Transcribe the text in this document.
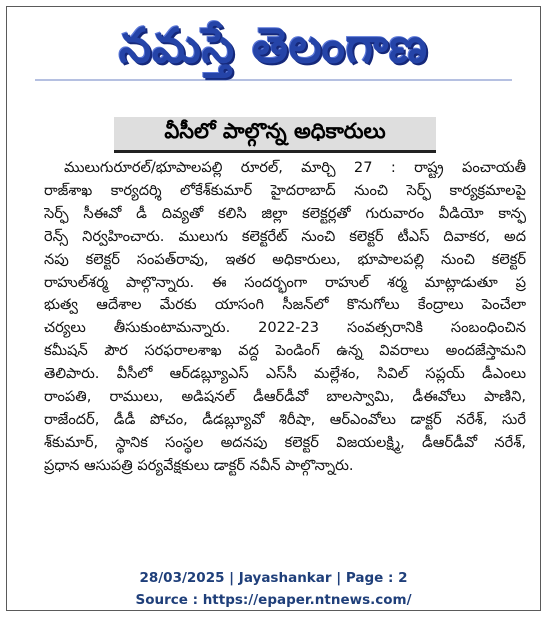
నమస్తే తెలంగాణ
వీసీలో పాల్గొన్న అధికారులు
ములుగురూరల్‌/భూపాలపల్లి రూరల్‌, మార్చి 27 : రాష్ట్ర పంచాయతీ
రాజ్‌శాఖ కార్యదర్శి లోకేశ్‌కుమార్‌ హైదరాబాద్‌ నుంచి సెర్ఫ్‌ కార్యక్రమాలపై
సెర్ఫ్‌ సీఈవో డీ దివ్యతో కలిసి జిల్లా కలెక్టర్లతో గురువారం వీడియో కాన్ఫ
రెన్స్‌ నిర్వహించారు. ములుగు కలెక్టరేట్‌ నుంచి కలెక్టర్‌ టీఎస్‌ దివాకర, అద
నపు కలెక్టర్‌ సంపత్‌రావు, ఇతర అధికారులు, భూపాలపల్లి నుంచి కలెక్టర్‌
రాహుల్‌శర్మ పాల్గొన్నారు. ఈ సందర్భంగా రాహుల్‌ శర్మ మాట్లాడుతూ ప్ర
భుత్వ ఆదేశాల మేరకు యాసంగి సీజన్‌లో కొనుగోలు కేంద్రాలు పెంచేలా
చర్యలు తీసుకుంటామన్నారు. 2022-23 సంవత్సరానికి సంబంధించిన
కమీషన్‌ పౌర సరఫరాలశాఖ వద్ద పెండింగ్‌ ఉన్న వివరాలు అందజేస్తామని
తెలిపారు. వీసీలో ఆర్‌డబ్ల్యూఎస్‌ ఎస్‌సీ మల్లేశం, సివిల్‌ సప్లయ్‌ డీఎంలు
రాంపతి, రాములు, అడిషనల్‌ డీఆర్‌డీవో బాలస్వామి, డీఈవోలు పాణిని,
రాజేందర్‌, డీడీ పోచం, డీడబ్ల్యూవో శిరీషా, ఆర్‌ఎంవోలు డాక్టర్‌ నరేశ్‌, సురే
శ్‌కుమార్‌, స్థానిక సంస్థల అదనపు కలెక్టర్‌ విజయలక్ష్మి, డీఆర్‌డీవో నరేశ్‌,
ప్రధాన ఆసుపత్రి పర్యవేక్షకులు డాక్టర్‌ నవీన్‌ పాల్గొన్నారు.
28/03/2025 | Jayashankar | Page : 2
Source : https://epaper.ntnews.com/
